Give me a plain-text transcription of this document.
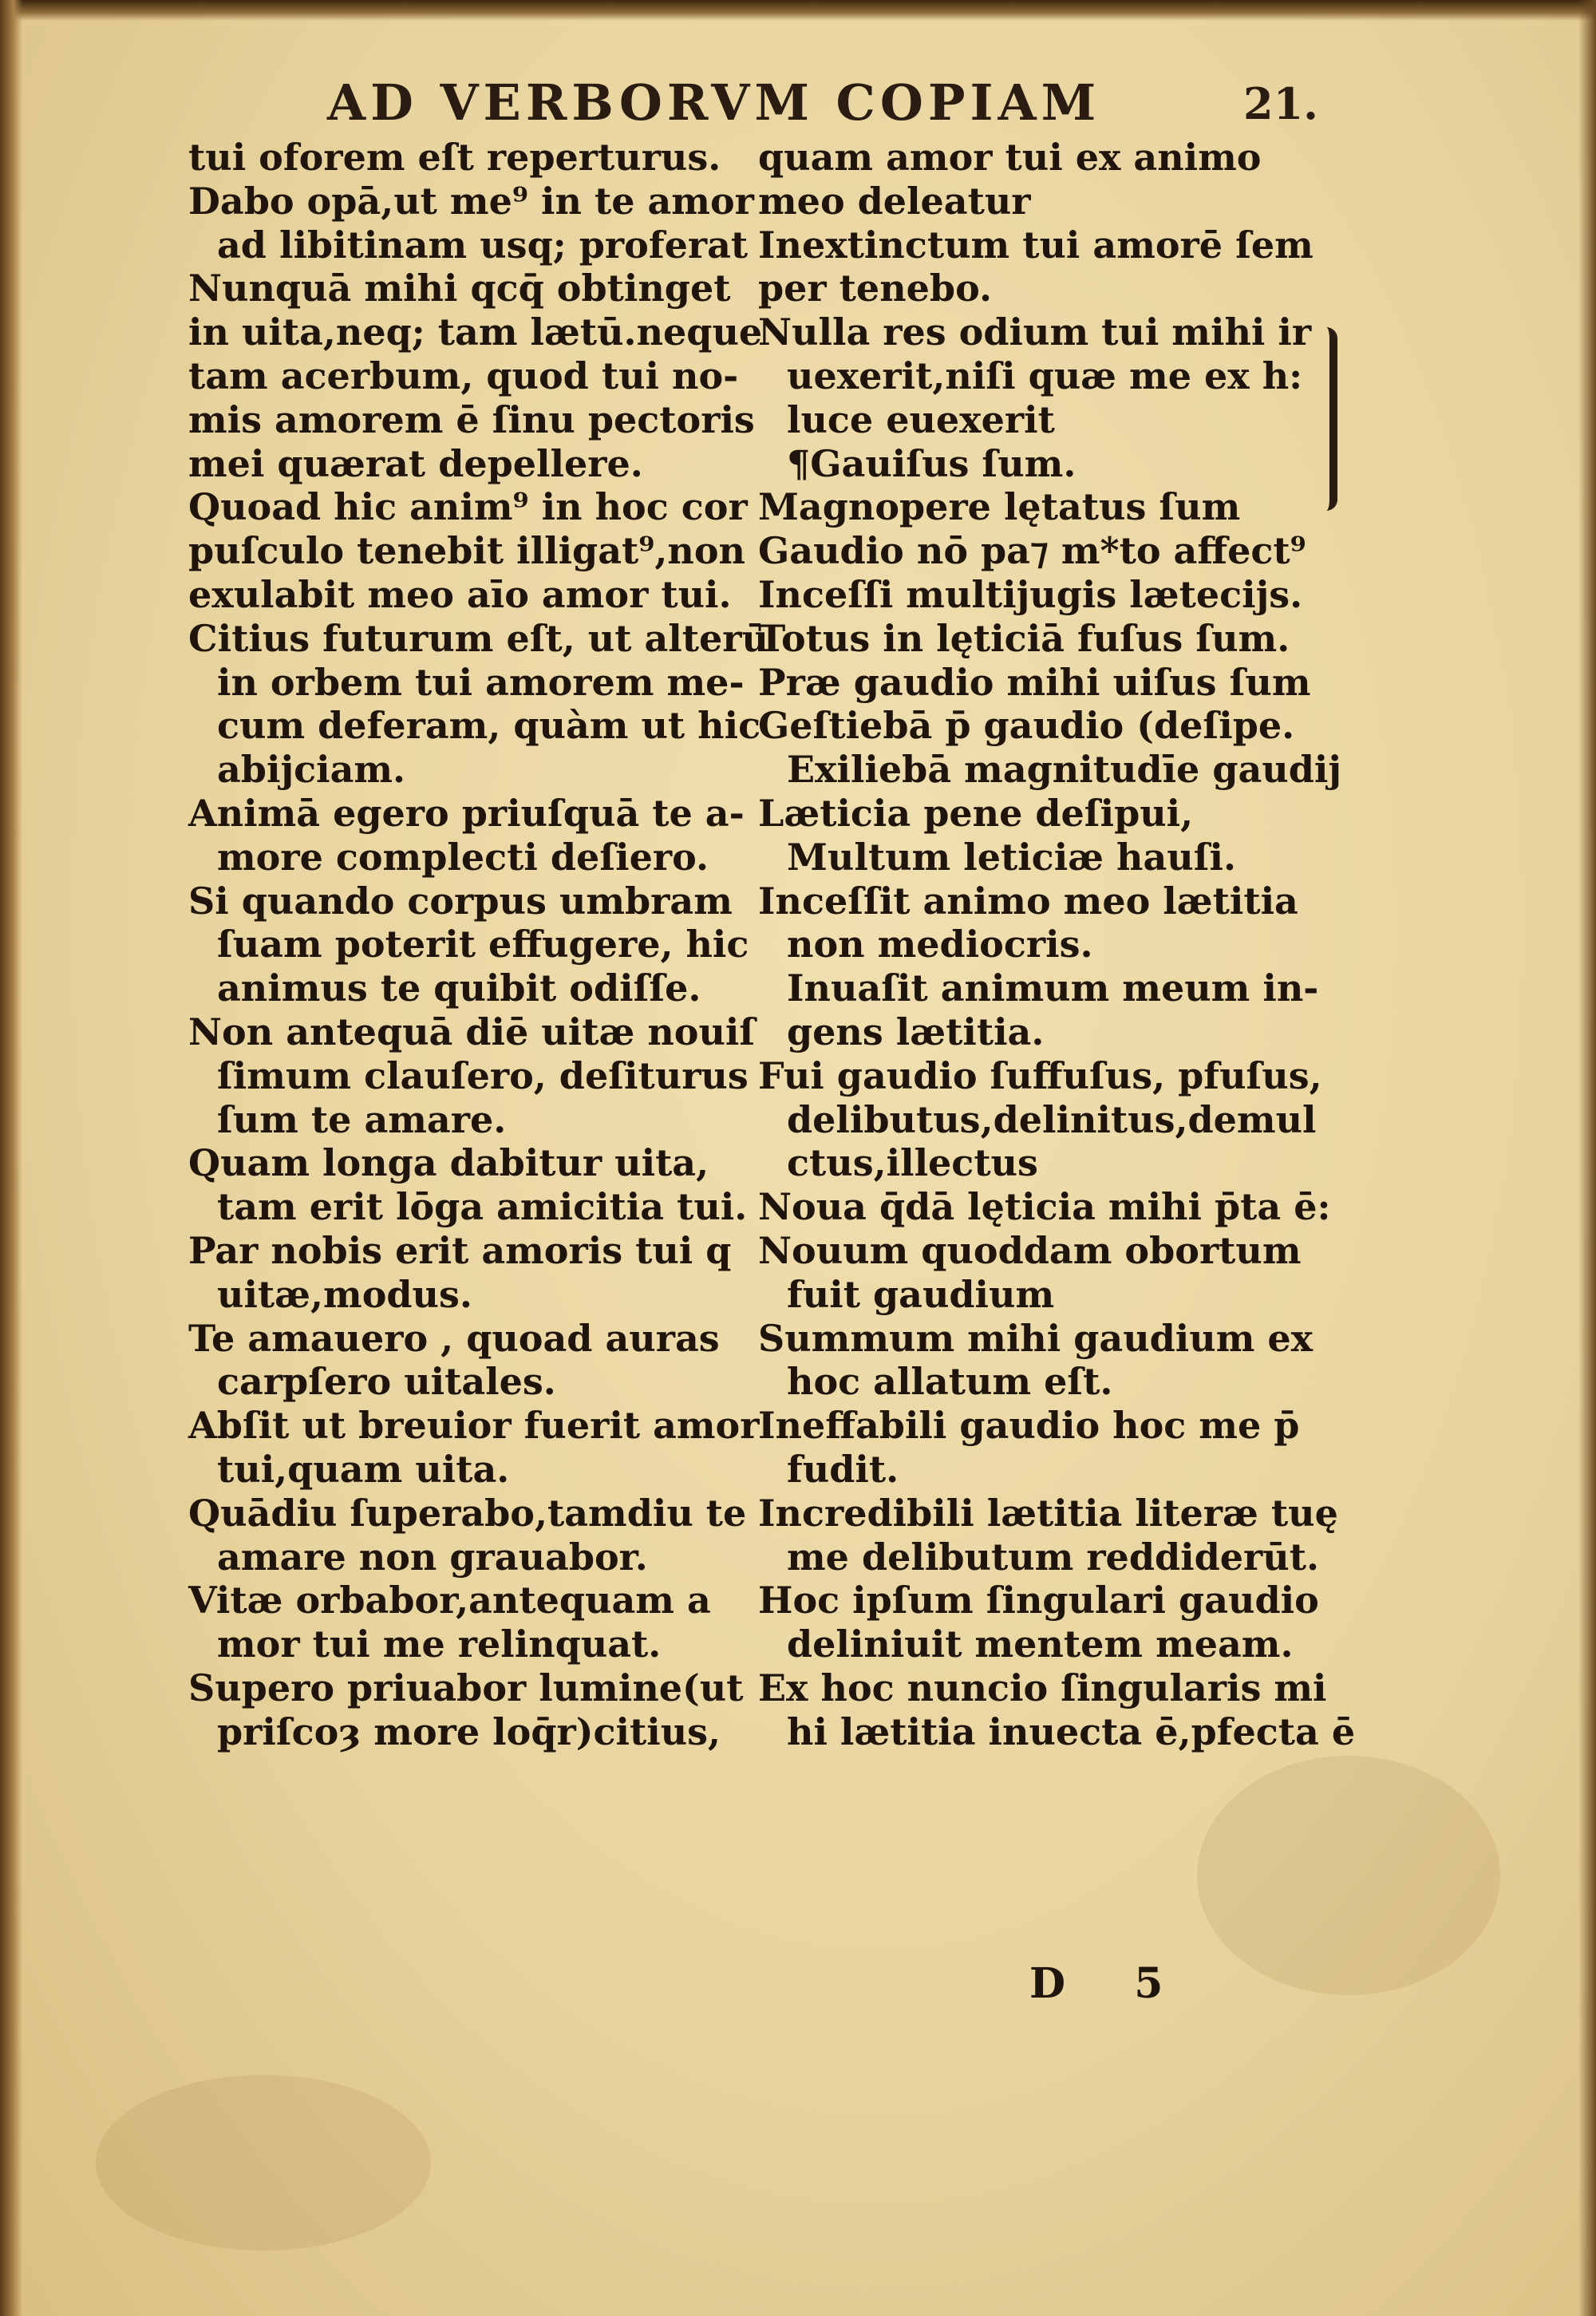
AD VERBORVM COPIAM	21.
tui oforem eſt reperturus.
Dabo opā,ut me⁹ in te amor
ad libitinam usq; proferat
Nunquā mihi qcq̄ obtinget
in uita,neq; tam lætū.neque
tam acerbum, quod tui no-
mis amorem ē ſinu pectoris
mei quærat depellere.
Quoad hic anim⁹ in hoc cor
puſculo tenebit illigat⁹,non
exulabit meo aīo amor tui.
Citius futurum eſt, ut alterū
in orbem tui amorem me-
cum deferam, quàm ut hic
abijciam.
Animā egero priuſquā te a-
more complecti deſiero.
Si quando corpus umbram
ſuam poterit effugere, hic
animus te quibit odiſſe.
Non antequā diē uitæ nouiſ
ſimum clauſero, deſiturus
ſum te amare.
Quam longa dabitur uita,
tam erit lōga amicitia tui.
Par nobis erit amoris tui q
uitæ,modus.
Te amauero , quoad auras
carpſero uitales.
Abſit ut breuior fuerit amor
tui,quam uita.
Quādiu ſuperabo,tamdiu te
amare non grauabor.
Vitæ orbabor,antequam a
mor tui me relinquat.
Supero priuabor lumine(ut
priſcoȝ more loq̄r)citius,
quam amor tui ex animo
meo deleatur
Inextinctum tui amorē ſem
per tenebo.
Nulla res odium tui mihi ir
uexerit,niſi quæ me ex h:
luce euexerit
¶Gauiſus ſum.
Magnopere lętatus ſum
Gaudio nō pa⁊ m*to affect⁹
Inceſſi multijugis lætecijs.
Totus in lęticiā fuſus ſum.
Præ gaudio mihi uiſus ſum
Geſtiebā p̄ gaudio (deſipe.
Exiliebā magnitudīe gaudij
Læticia pene deſipui,
Multum leticiæ hauſi.
Inceſſit animo meo lætitia
non mediocris.
Inuaſit animum meum in-
gens lætitia.
Fui gaudio ſuffuſus, pfuſus,
delibutus,delinitus,demul
ctus,illectus
Noua q̄dā lęticia mihi p̄ta ē:
Nouum quoddam obortum
fuit gaudium
Summum mihi gaudium ex
hoc allatum eſt.
Ineffabili gaudio hoc me p̄
fudit.
Incredibili lætitia literæ tuę
me delibutum reddiderūt.
Hoc ipſum ſingulari gaudio
deliniuit mentem meam.
Ex hoc nuncio ſingularis mi
hi lætitia inuecta ē,pfecta ē
D 5
